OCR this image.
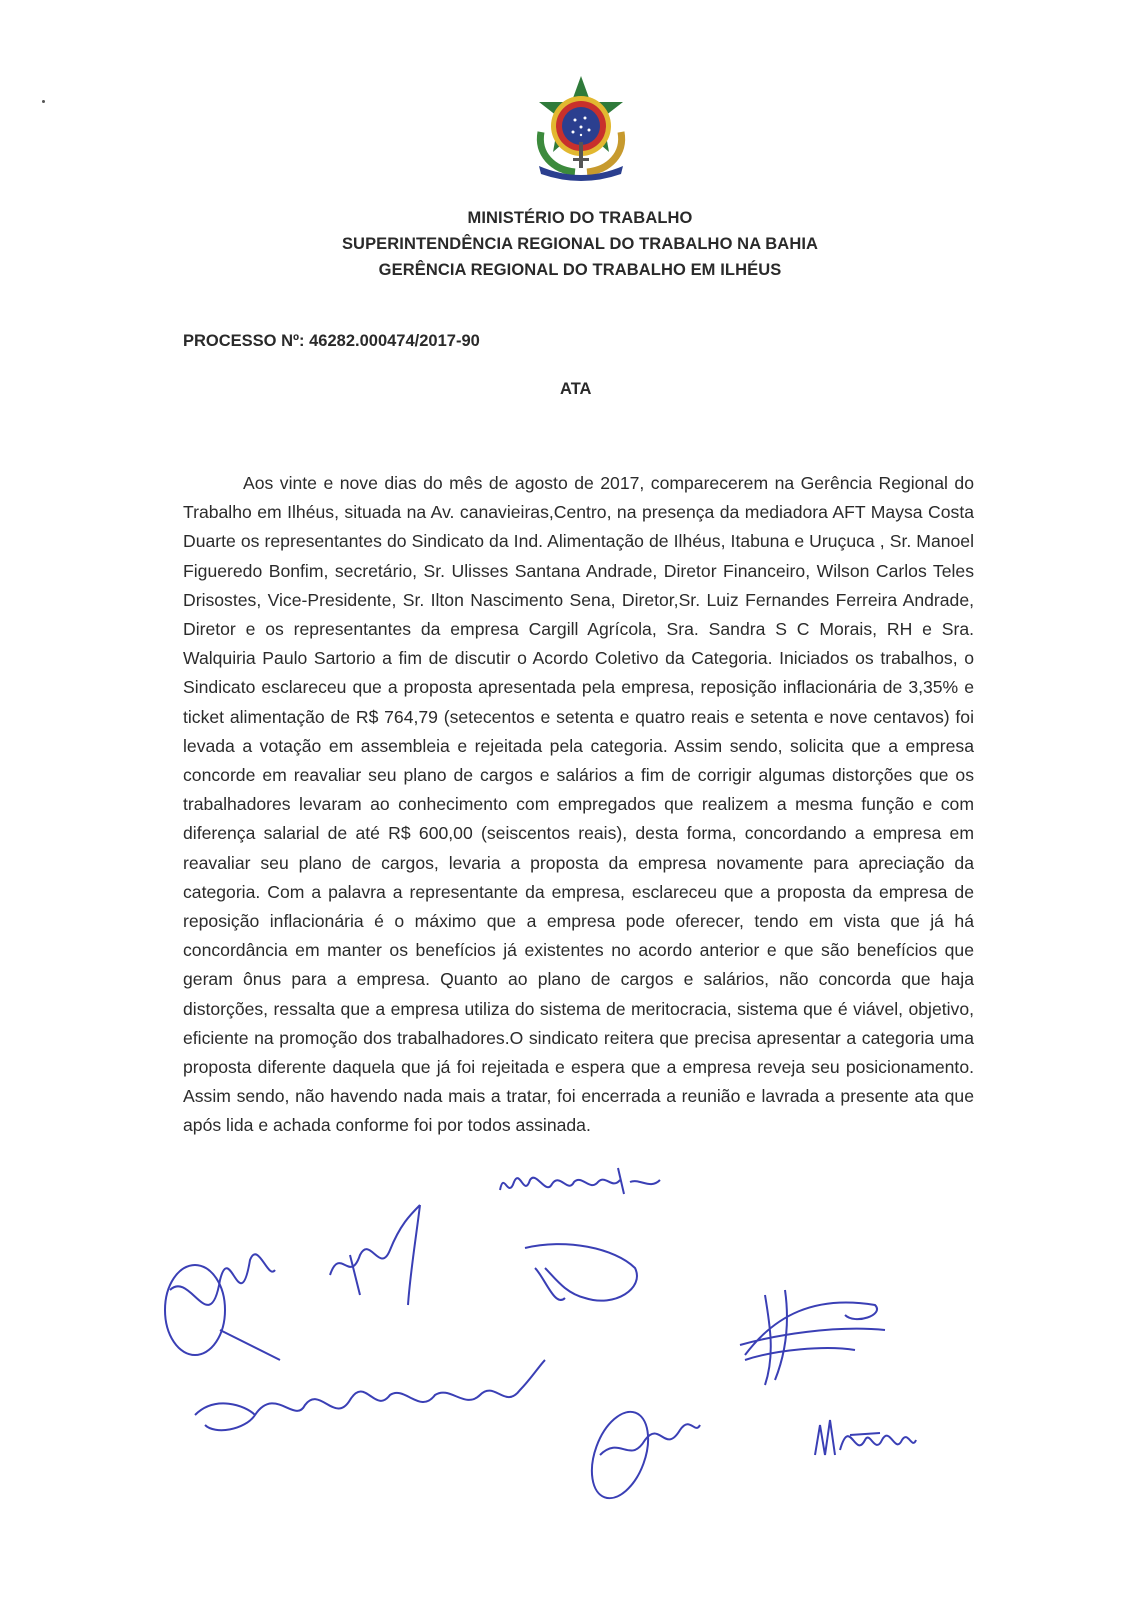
MINISTÉRIO DO TRABALHO
SUPERINTENDÊNCIA REGIONAL DO TRABALHO NA BAHIA
GERÊNCIA REGIONAL DO TRABALHO EM ILHÉUS
PROCESSO Nº: 46282.000474/2017-90
ATA
Aos vinte e nove dias do mês de agosto de 2017, comparecerem na Gerência Regional do Trabalho em Ilhéus, situada na Av. canavieiras,Centro, na presença da mediadora AFT Maysa Costa Duarte os representantes do Sindicato da Ind. Alimentação de Ilhéus, Itabuna e Uruçuca , Sr. Manoel Figueredo Bonfim, secretário, Sr. Ulisses Santana Andrade, Diretor Financeiro, Wilson Carlos Teles Drisostes, Vice-Presidente, Sr. Ilton Nascimento Sena, Diretor,Sr. Luiz Fernandes Ferreira Andrade, Diretor e os representantes da empresa Cargill Agrícola, Sra. Sandra S C Morais, RH e Sra. Walquiria Paulo Sartorio a fim de discutir o Acordo Coletivo da Categoria. Iniciados os trabalhos, o Sindicato esclareceu que a proposta apresentada pela empresa, reposição inflacionária de 3,35% e ticket alimentação de R$ 764,79 (setecentos e setenta e quatro reais e setenta e nove centavos) foi levada a votação em assembleia e rejeitada pela categoria. Assim sendo, solicita que a empresa concorde em reavaliar seu plano de cargos e salários a fim de corrigir algumas distorções que os trabalhadores levaram ao conhecimento com empregados que realizem a mesma função e com diferença salarial de até R$ 600,00 (seiscentos reais), desta forma, concordando a empresa em reavaliar seu plano de cargos, levaria a proposta da empresa novamente para apreciação da categoria. Com a palavra a representante da empresa, esclareceu que a proposta da empresa de reposição inflacionária é o máximo que a empresa pode oferecer, tendo em vista que já há concordância em manter os benefícios já existentes no acordo anterior e que são benefícios que geram ônus para a empresa. Quanto ao plano de cargos e salários, não concorda que haja distorções, ressalta que a empresa utiliza do sistema de meritocracia, sistema que é viável, objetivo, eficiente na promoção dos trabalhadores.O sindicato reitera que precisa apresentar a categoria uma proposta diferente daquela que já foi rejeitada e espera que a empresa reveja seu posicionamento. Assim sendo, não havendo nada mais a tratar, foi encerrada a reunião e lavrada a presente ata que após lida e achada conforme foi por todos assinada.
